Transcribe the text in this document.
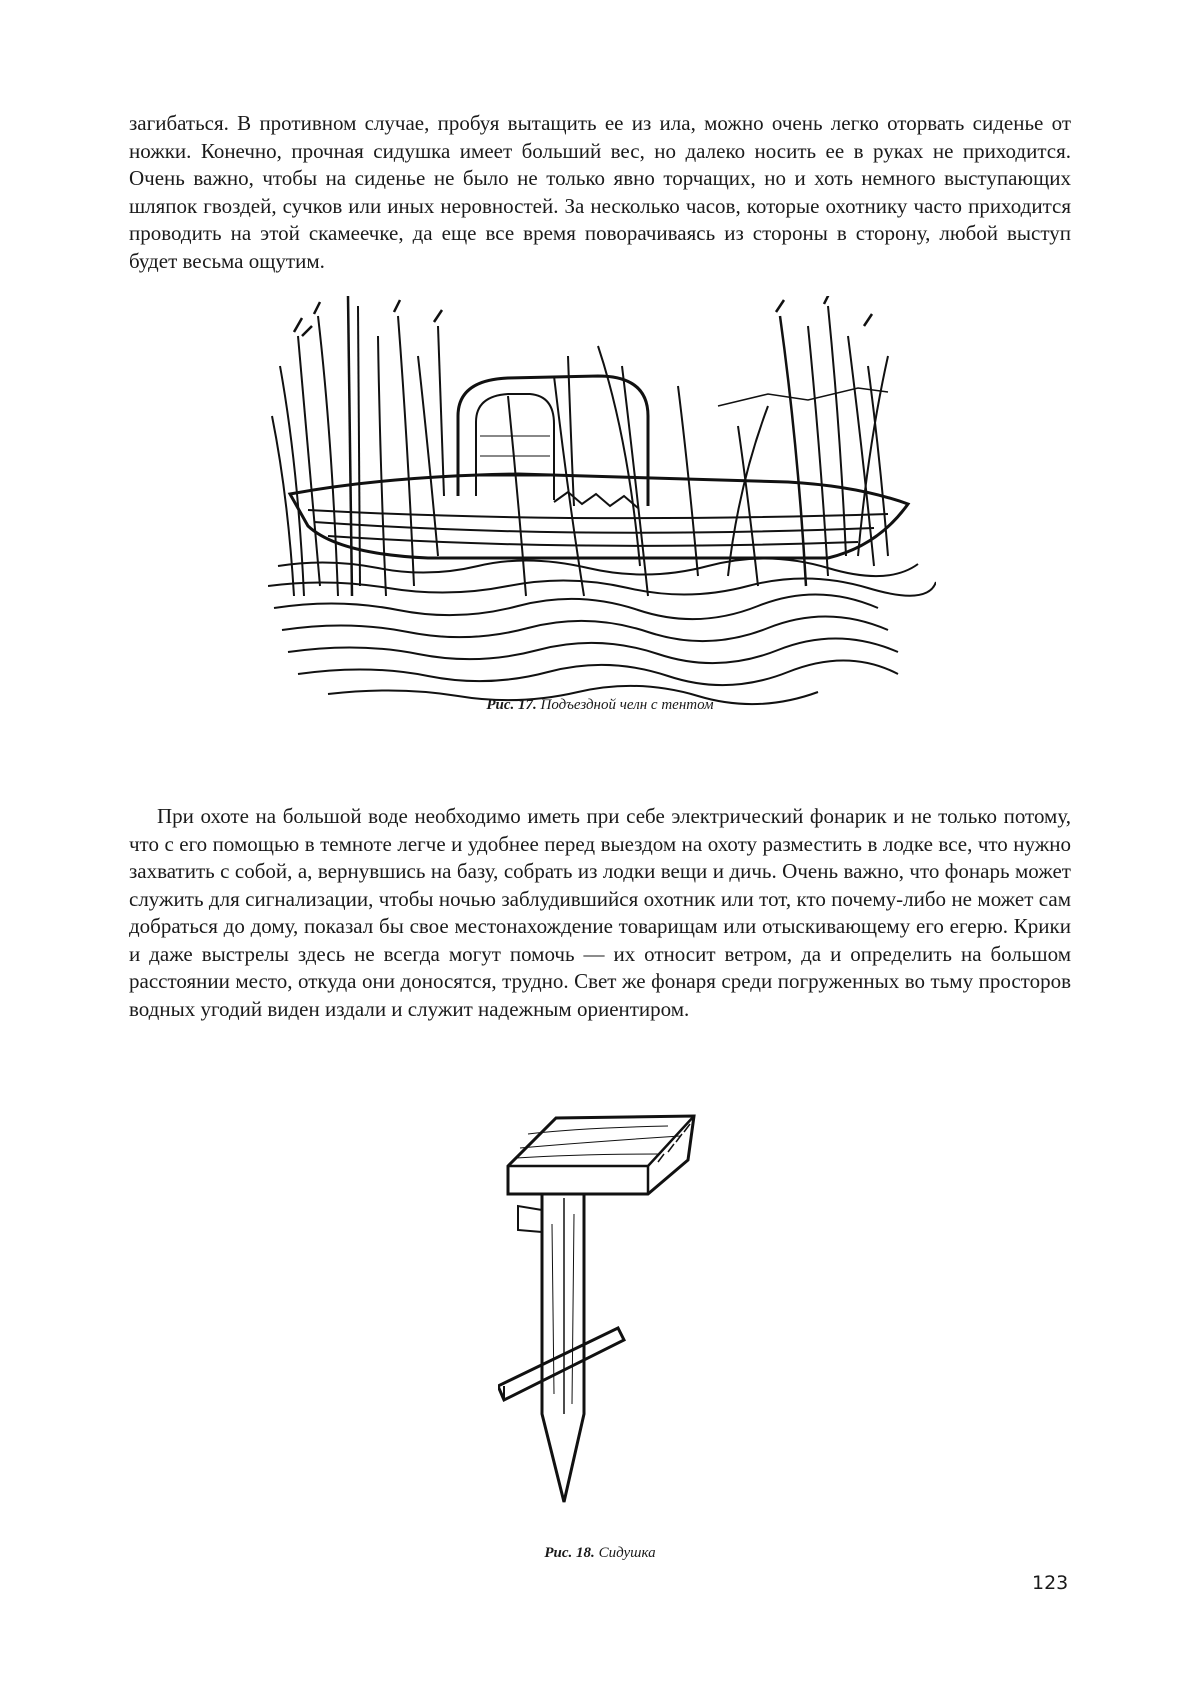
загибаться. В противном случае, пробуя вытащить ее из ила, можно очень легко оторвать сиденье от ножки. Конечно, прочная сидушка имеет больший вес, но далеко носить ее в руках не приходится. Очень важно, чтобы на сиденье не было не только явно торчащих, но и хоть немного выступающих шляпок гвоздей, сучков или иных неровностей. За несколько часов, которые охотнику часто приходится проводить на этой скамеечке, да еще все время поворачиваясь из стороны в сторону, любой выступ будет весьма ощутим.

Рис. 17. Подъездной челн с тентом

При охоте на большой воде необходимо иметь при себе электрический фонарик и не только потому, что с его помощью в темноте легче и удобнее перед выездом на охоту разместить в лодке все, что нужно захватить с собой, а, вернувшись на базу, собрать из лодки вещи и дичь. Очень важно, что фонарь может служить для сигнализации, чтобы ночью заблудившийся охотник или тот, кто почему-либо не может сам добраться до дому, показал бы свое местонахождение товарищам или отыскивающему его егерю. Крики и даже выстрелы здесь не всегда могут помочь — их относит ветром, да и определить на большом расстоянии место, откуда они доносятся, трудно. Свет же фонаря среди погруженных во тьму просторов водных угодий виден издали и служит надежным ориентиром.

Рис. 18. Сидушка
123
